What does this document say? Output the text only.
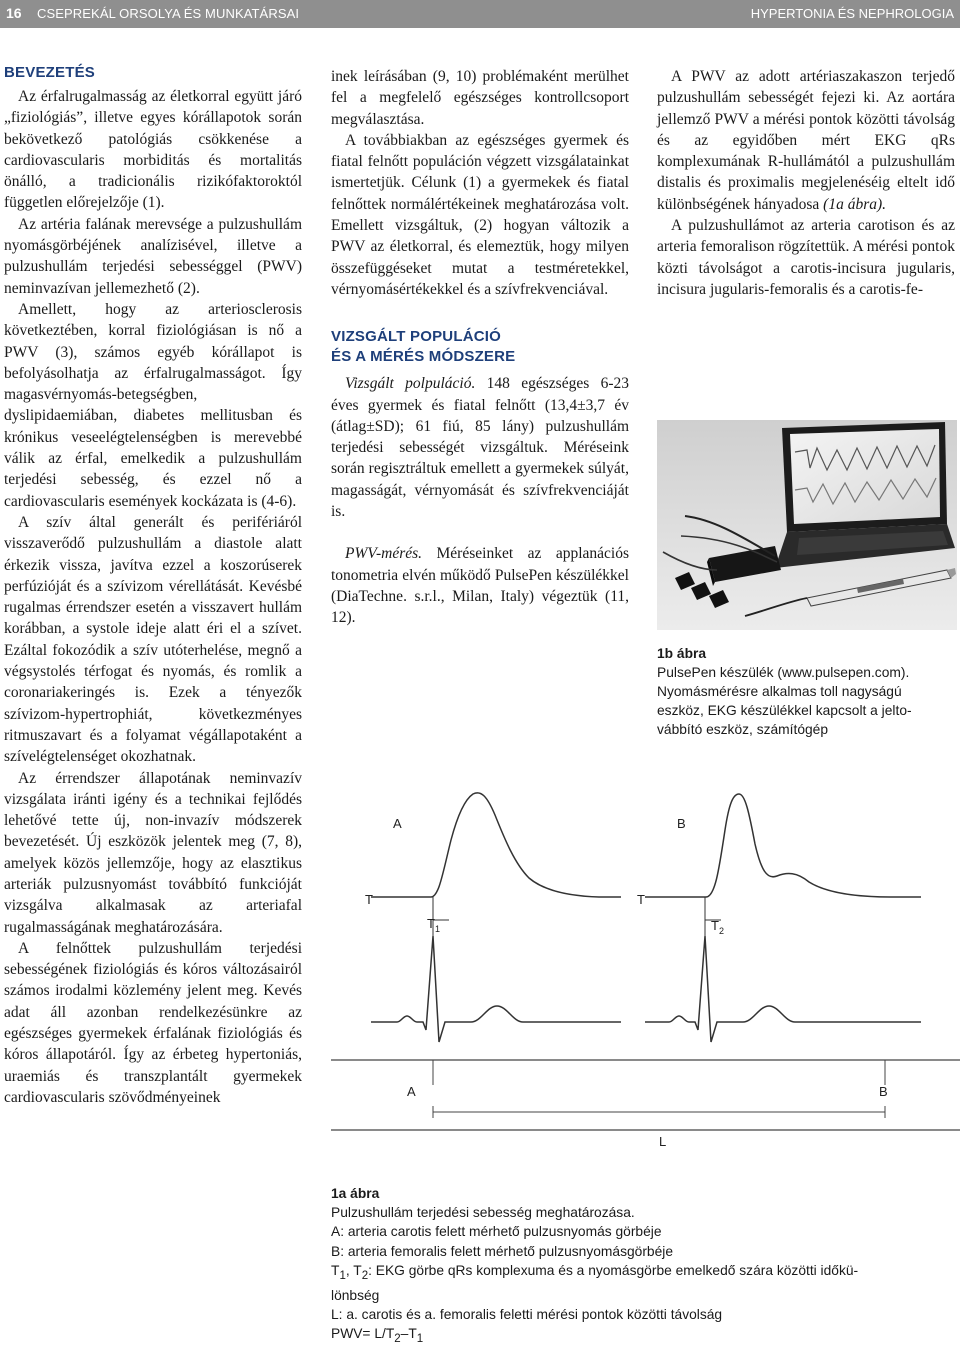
16 CSEPREKÁL ORSOLYA ÉS MUNKATÁRSAI	HYPERTONIA ÉS NEPHROLOGIA
BEVEZETÉS

Az érfalrugalmasság az életkorral együtt járó „fiziológiás”, illetve egyes kórállapotok során bekövetkező patológiás csökkenése a cardiovascularis morbiditás és mortalitás önálló, a tradicionális rizikófaktoroktól független előrejelzője (1).

Az artéria falának merevsége a pulzushullám nyomásgörbéjének analízisével, illetve a pulzushullám terjedési sebességgel (PWV) neminvazívan jellemezhető (2).

Amellett, hogy az arteriosclerosis következtében, korral fiziológiásan is nő a PWV (3), számos egyéb kórállapot is befolyásolhatja az érfalrugalmasságot. Így magasvérnyomás-betegségben, dyslipidaemiában, diabetes mellitusban és krónikus veseelégtelenségben is merevebbé válik az érfal, emelkedik a pulzushullám terjedési sebesség, és ezzel nő a cardiovascularis események kockázata is (4-6).

A szív által generált és perifériáról visszaverődő pulzushullám a diastole alatt érkezik vissza, javítva ezzel a koszorúserek perfúzióját és a szívizom vérellátását. Kevésbé rugalmas érrendszer esetén a visszavert hullám korábban, a systole ideje alatt éri el a szívet. Ezáltal fokozódik a szív utóterhelése, megnő a végsystolés térfogat és nyomás, és romlik a coronariakeringés is. Ezek a tényezők szívizom-hypertrophiát, következményes ritmuszavart és a folyamat végállapotaként a szívelégtelenséget okozhatnak.

Az érrendszer állapotának neminvazív vizsgálata iránti igény és a technikai fejlődés lehetővé tette új, non-invazív módszerek bevezetését. Új eszközök jelentek meg (7, 8), amelyek közös jellemzője, hogy az elasztikus arteriák pulzusnyomást továbbító funkcióját vizsgálva alkalmasak az arteriafal rugalmasságának meghatározására.

A felnőttek pulzushullám terjedési sebességének fiziológiás és kóros változásairól számos irodalmi közlemény jelent meg. Kevés adat áll azonban rendelkezésünkre az egészséges gyermekek érfalának fiziológiás és kóros állapotáról. Így az érbeteg hypertoniás, uraemiás és transzplantált gyermekek cardiovascularis szövődményeinek

inek leírásában (9, 10) problémaként merülhet fel a megfelelő egészséges kontrollcsoport megválasztása.

A továbbiakban az egészséges gyermek és fiatal felnőtt populáción végzett vizsgálatainkat ismertetjük. Célunk (1) a gyermekek és fiatal felnőttek normálértékeinek meghatározása volt. Emellett vizsgáltuk, (2) hogyan változik a PWV az életkorral, és elemeztük, hogy milyen összefüggéseket mutat a testméretekkel, vérnyomásértékekkel és a szívfrekvenciával.

VIZSGÁLT POPULÁCIÓ
ÉS A MÉRÉS MÓDSZERE

Vizsgált polpuláció. 148 egészséges 6-23 éves gyermek és fiatal felnőtt (13,4±3,7 év (átlag±SD); 61 fiú, 85 lány) pulzushullám terjedési sebességét vizsgáltuk. Méréseink során regisztráltuk emellett a gyermekek súlyát, magasságát, vérnyomását és szívfrekvenciáját is.

PWV-mérés. Méréseinket az applanációs tonometria elvén működő PulsePen készülékkel (DiaTechne. s.r.l., Milan, Italy) végeztük (11, 12).

A PWV az adott artériaszakaszon terjedő pulzushullám sebességét fejezi ki. Az aortára jellemző PWV a mérési pontok közötti távolság és az egyidőben mért EKG qRs komplexumának R-hullámától a pulzushullám distalis és proximalis megjelenéséig eltelt idő különbségének hányadosa (1a ábra).

A pulzushullámot az arteria carotison és az arteria femoralison rögzítettük. A mérési pontok közti távolságot a carotis-incisura jugularis, incisura jugularis-femoralis és a carotis-fe-

1b ábra
PulsePen készülék (www.pulsepen.com).
Nyomásmérésre alkalmas toll nagyságú
eszköz, EKG készülékkel kapcsolt a jelto-
vábbító eszköz, számítógép
A	B
T	T
$T_1$	$T_2$
A	B
L
1a ábra
Pulzushullám terjedési sebesség meghatározása.
A: arteria carotis felett mérhető pulzusnyomás görbéje
B: arteria femoralis felett mérhető pulzusnyomásgörbéje
$T_1$, $T_2$: EKG görbe qRs komplexuma és a nyomásgörbe emelkedő szára közötti időkü-
lönbség
L: a. carotis és a. femoralis feletti mérési pontok közötti távolság
$PWV= L/T_2-T_1$
